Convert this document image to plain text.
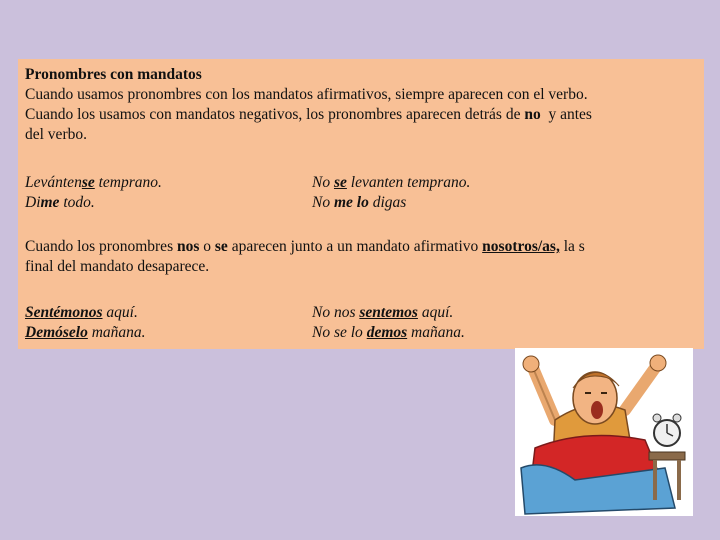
Pronombres con mandatos

Cuando usamos pronombres con los mandatos afirmativos, siempre aparecen con el verbo.
Cuando los usamos con mandatos negativos, los pronombres aparecen detrás de no  y antes
del verbo.

Levántense temprano.

Dime todo.

No se levanten temprano.

No me lo digas

Cuando los pronombres nos o se aparecen junto a un mandato afirmativo nosotros/as, la s
final del mandato desaparece.

Sentémonos aquí.

Demóselo mañana.

No nos sentemos aquí.

No se lo demos mañana.
